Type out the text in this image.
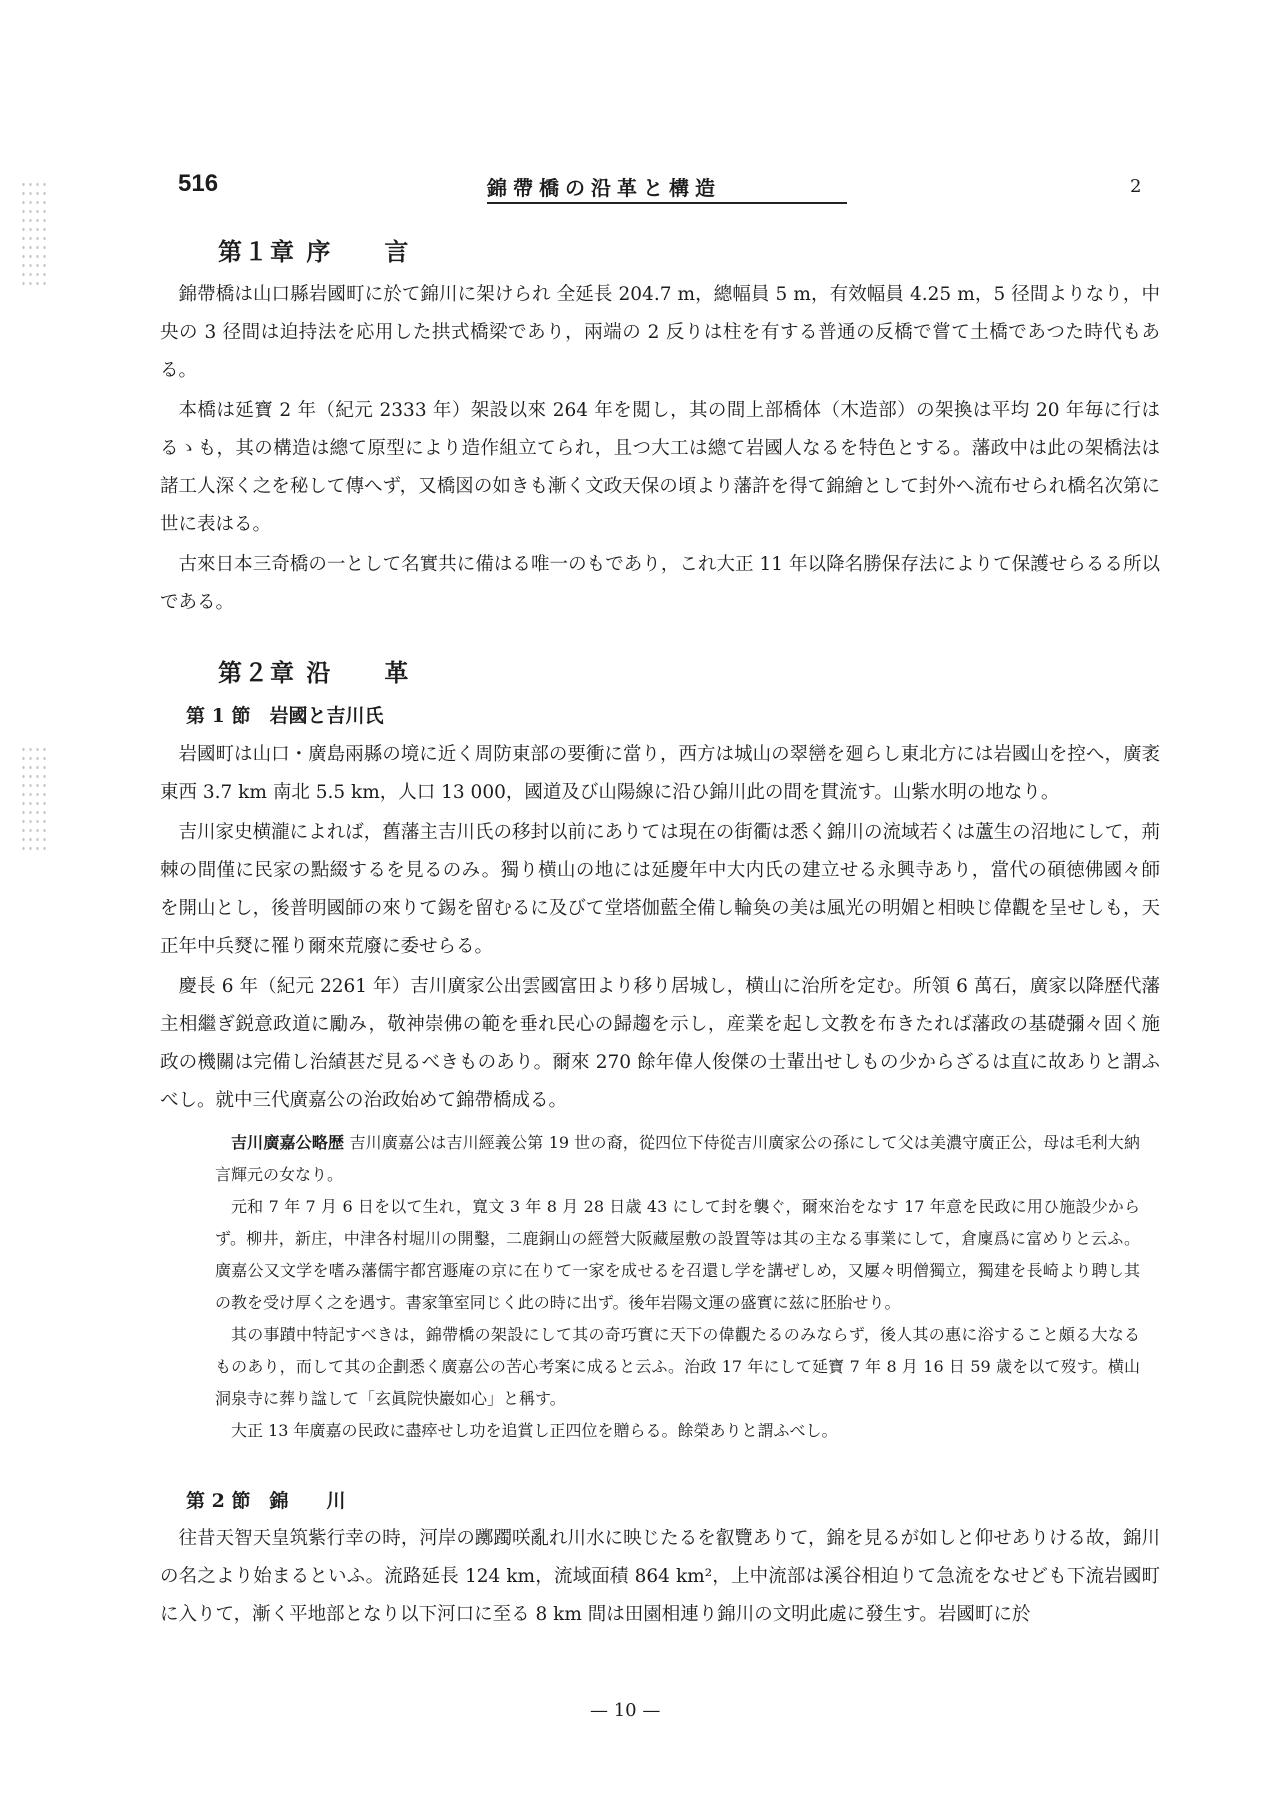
516	錦帶橋の沿革と構造	2
第１章 序　　言

錦帶橋は山口縣岩國町に於て錦川に架けられ 全延長 204.7 m，總幅員 5 m，有效幅員 4.25 m，5 径間よりなり，中央の 3 径間は迫持法を応用した拱式橋梁であり，兩端の 2 反りは柱を有する普通の反橋で嘗て土橋であつた時代もある。

本橋は延寶 2 年（紀元 2333 年）架設以來 264 年を閲し，其の間上部橋体（木造部）の架換は平均 20 年毎に行はるゝも，其の構造は總て原型により造作組立てられ，且つ大工は總て岩國人なるを特色とする。藩政中は此の架橋法は諸工人深く之を秘して傳へず，又橋図の如きも漸く文政天保の頃より藩許を得て錦繪として封外へ流布せられ橋名次第に世に表はる。

古來日本三奇橋の一として名實共に備はる唯一のもであり，これ大正 11 年以降名勝保存法によりて保護せらるる所以である。

第２章 沿　　革
第 1 節　岩國と吉川氏

岩國町は山口・廣島兩縣の境に近く周防東部の要衝に當り，西方は城山の翠巒を廻らし東北方には岩國山を控へ，廣袤東西 3.7 km 南北 5.5 km，人口 13 000，國道及び山陽線に沿ひ錦川此の間を貫流す。山紫水明の地なり。

吉川家史横瀧によれば，舊藩主吉川氏の移封以前にありては現在の街衢は悉く錦川の流域若くは蘆生の沼地にして，荊棘の間僅に民家の點綴するを見るのみ。獨り横山の地には延慶年中大内氏の建立せる永興寺あり，當代の碩徳佛國々師を開山とし，後普明國師の來りて錫を留むるに及びて堂塔伽藍全備し輪奐の美は風光の明媚と相映じ偉觀を呈せしも，天正年中兵燹に罹り爾來荒廢に委せらる。

慶長 6 年（紀元 2261 年）吉川廣家公出雲國富田より移り居城し，横山に治所を定む。所領 6 萬石，廣家以降歴代藩主相繼ぎ鋭意政道に勵み，敬神崇佛の範を垂れ民心の歸趨を示し，産業を起し文教を布きたれば藩政の基礎彌々固く施政の機關は完備し治績甚だ見るべきものあり。爾來 270 餘年偉人俊傑の士輩出せしもの少からざるは直に故ありと謂ふべし。就中三代廣嘉公の治政始めて錦帶橋成る。

吉川廣嘉公略歴 吉川廣嘉公は吉川經義公第 19 世の裔，從四位下侍從吉川廣家公の孫にして父は美濃守廣正公，母は毛利大納言輝元の女なり。

元和 7 年 7 月 6 日を以て生れ，寬文 3 年 8 月 28 日歳 43 にして封を襲ぐ，爾來治をなす 17 年意を民政に用ひ施設少からず。柳井，新庄，中津各村堀川の開鑿，二鹿銅山の經營大阪藏屋敷の設置等は其の主なる事業にして，倉廩爲に富めりと云ふ。廣嘉公又文学を嗜み藩儒宇都宮遯庵の京に在りて一家を成せるを召還し学を講ぜしめ，又屢々明僧獨立，獨建を長崎より聘し其の教を受け厚く之を遇す。書家筆室同じく此の時に出ず。後年岩陽文運の盛實に兹に胚胎せり。

其の事蹟中特記すべきは，錦帶橋の架設にして其の奇巧實に天下の偉觀たるのみならず，後人其の惠に浴すること頗る大なるものあり，而して其の企劃悉く廣嘉公の苦心考案に成ると云ふ。治政 17 年にして延寶 7 年 8 月 16 日 59 歳を以て歿す。横山洞泉寺に葬り諡して「玄眞院快巖如心」と稱す。

大正 13 年廣嘉の民政に盡瘁せし功を追賞し正四位を贈らる。餘榮ありと謂ふべし。

第 2 節　錦　　川

往昔天智天皇筑紫行幸の時，河岸の躑躅咲亂れ川水に映じたるを叡覽ありて，錦を見るが如しと仰せありける故，錦川の名之より始まるといふ。流路延長 124 km，流域面積 864 km²，上中流部は溪谷相迫りて急流をなせども下流岩國町に入りて，漸く平地部となり以下河口に至る 8 km 間は田園相連り錦川の文明此處に發生す。岩國町に於

— 10 —
